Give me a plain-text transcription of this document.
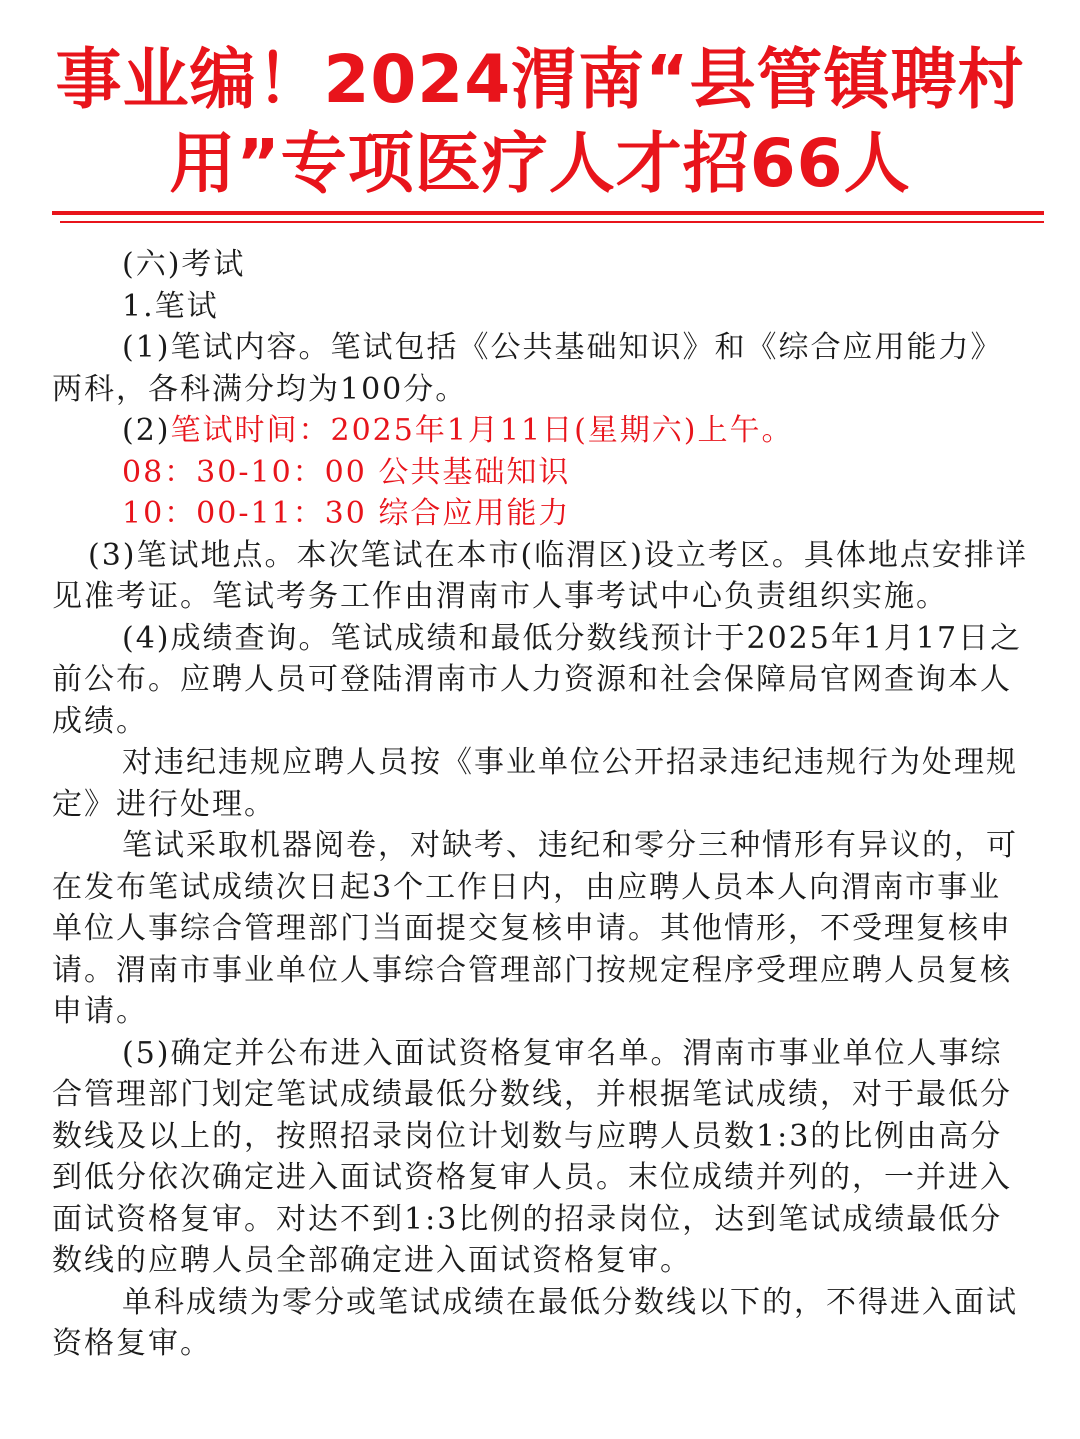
事业编！2024渭南“县管镇聘村
用”专项医疗人才招66人

(六)考试

1.笔试

(1)笔试内容。笔试包括《公共基础知识》和《综合应用能力》两科，各科满分均为100分。

(2)笔试时间：2025年1月11日(星期六)上午。

08：30-10：00 公共基础知识

10：00-11：30 综合应用能力

(3)笔试地点。本次笔试在本市(临渭区)设立考区。具体地点安排详见准考证。笔试考务工作由渭南市人事考试中心负责组织实施。

(4)成绩查询。笔试成绩和最低分数线预计于2025年1月17日之前公布。应聘人员可登陆渭南市人力资源和社会保障局官网查询本人成绩。

对违纪违规应聘人员按《事业单位公开招录违纪违规行为处理规定》进行处理。

笔试采取机器阅卷，对缺考、违纪和零分三种情形有异议的，可在发布笔试成绩次日起3个工作日内，由应聘人员本人向渭南市事业单位人事综合管理部门当面提交复核申请。其他情形，不受理复核申请。渭南市事业单位人事综合管理部门按规定程序受理应聘人员复核申请。

(5)确定并公布进入面试资格复审名单。渭南市事业单位人事综合管理部门划定笔试成绩最低分数线，并根据笔试成绩，对于最低分数线及以上的，按照招录岗位计划数与应聘人员数1:3的比例由高分到低分依次确定进入面试资格复审人员。末位成绩并列的，一并进入面试资格复审。对达不到1:3比例的招录岗位，达到笔试成绩最低分数线的应聘人员全部确定进入面试资格复审。

单科成绩为零分或笔试成绩在最低分数线以下的，不得进入面试资格复审。
